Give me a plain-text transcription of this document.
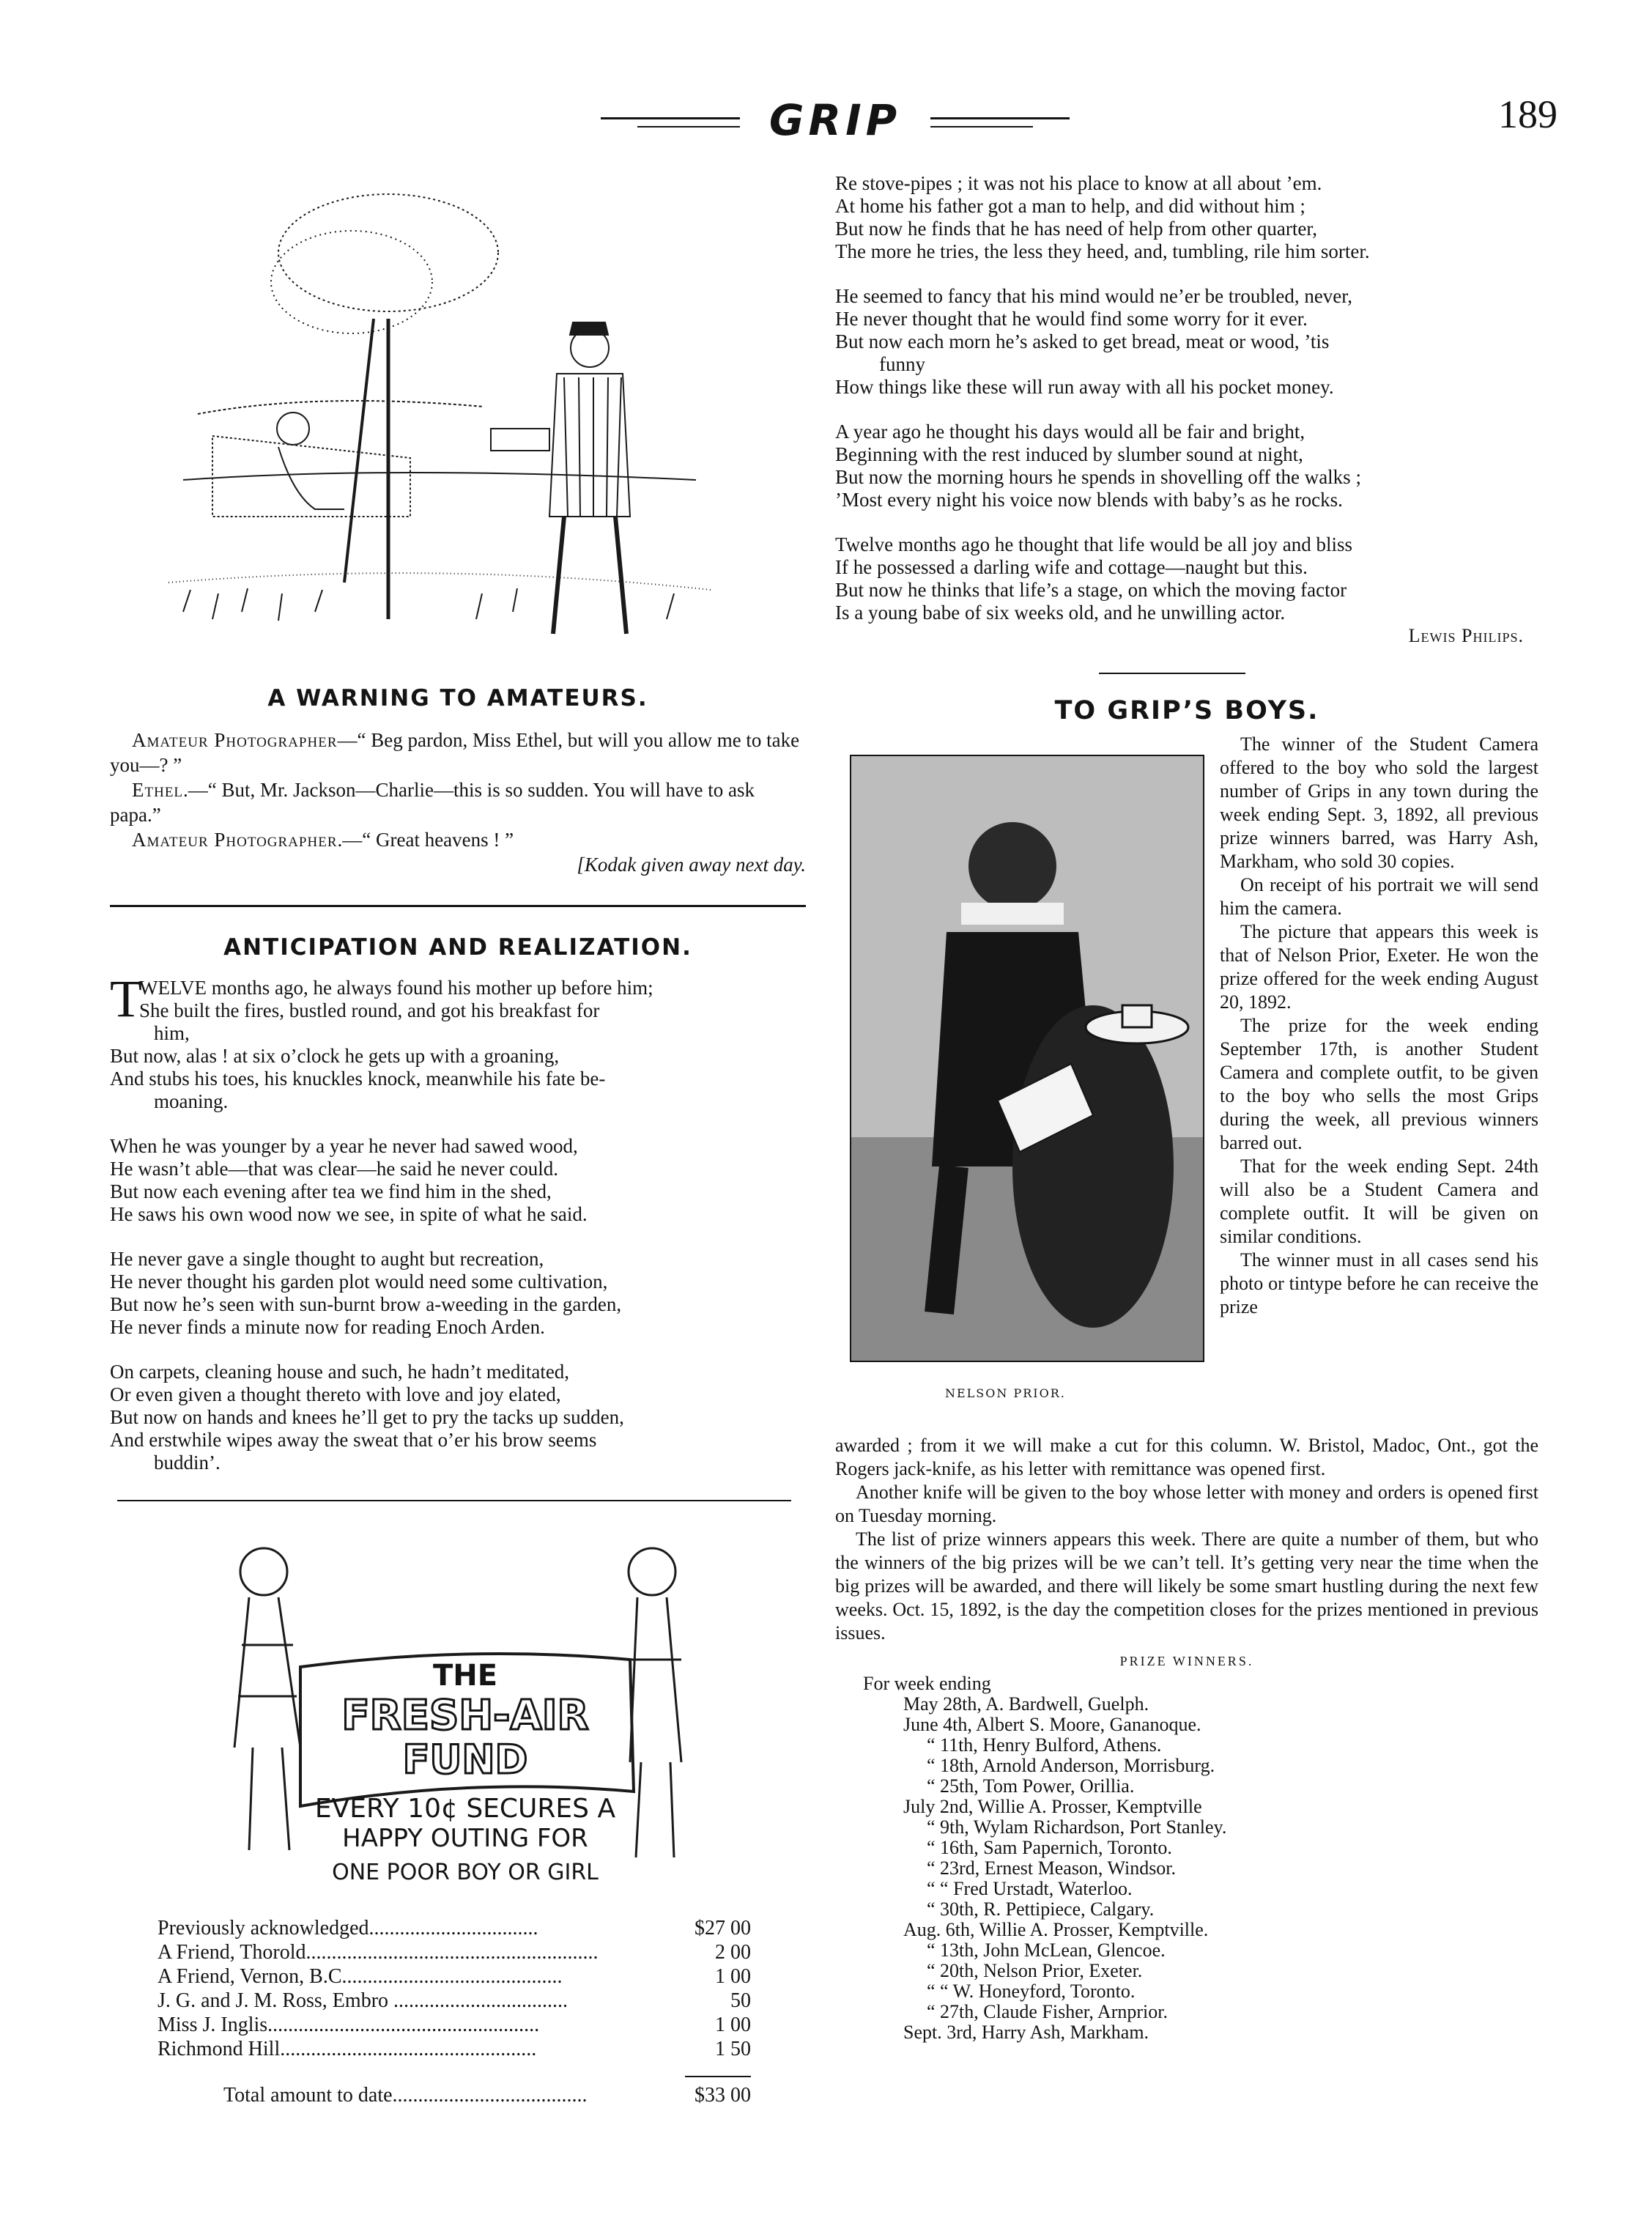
GRIP	189
A WARNING TO AMATEURS.

Amateur Photographer—“ Beg pardon, Miss Ethel, but will you allow me to take you—? ”

Ethel.—“ But, Mr. Jackson—Charlie—this is so sudden. You will have to ask papa.”

Amateur Photographer.—“ Great heavens ! ”

[Kodak given away next day.

ANTICIPATION AND REALIZATION.
T
WELVE months ago, he always found his mother up before him;
She built the fires, bustled round, and got his breakfast for
him,
But now, alas ! at six o’clock he gets up with a groaning,
And stubs his toes, his knuckles knock, meanwhile his fate be-
moaning.
When he was younger by a year he never had sawed wood,
He wasn’t able—that was clear—he said he never could.
But now each evening after tea we find him in the shed,
He saws his own wood now we see, in spite of what he said.
He never gave a single thought to aught but recreation,
He never thought his garden plot would need some cultivation,
But now he’s seen with sun-burnt brow a-weeding in the garden,
He never finds a minute now for reading Enoch Arden.
On carpets, cleaning house and such, he hadn’t meditated,
Or even given a thought thereto with love and joy elated,
But now on hands and knees he’ll get to pry the tacks up sudden,
And erstwhile wipes away the sweat that o’er his brow seems
buddin’.
THE
FRESH-AIR
FUND
EVERY 10¢ SECURES A
HAPPY OUTING FOR
ONE POOR BOY OR GIRL
Previously acknowledged.................................	$27 00
A Friend, Thorold.........................................................	2 00
A Friend, Vernon, B.C...........................................	1 00
J. G. and J. M. Ross, Embro ..................................	50
Miss J. Inglis.....................................................	1 00
Richmond Hill..................................................	1 50
Total amount to date......................................	$33 00
Re stove-pipes ; it was not his place to know at all about ’em.
At home his father got a man to help, and did without him ;
But now he finds that he has need of help from other quarter,
The more he tries, the less they heed, and, tumbling, rile him sorter.
He seemed to fancy that his mind would ne’er be troubled, never,
He never thought that he would find some worry for it ever.
But now each morn he’s asked to get bread, meat or wood, ’tis
funny
How things like these will run away with all his pocket money.
A year ago he thought his days would all be fair and bright,
Beginning with the rest induced by slumber sound at night,
But now the morning hours he spends in shovelling off the walks ;
’Most every night his voice now blends with baby’s as he rocks.
Twelve months ago he thought that life would be all joy and bliss
If he possessed a darling wife and cottage—naught but this.
But now he thinks that life’s a stage, on which the moving factor
Is a young babe of six weeks old, and he unwilling actor.
Lewis Philips.
TO GRIP’S BOYS.
NELSON PRIOR.

The winner of the Student Camera offered to the boy who sold the largest number of Grips in any town during the week ending Sept. 3, 1892, all previous prize winners barred, was Harry Ash, Markham, who sold 30 copies.

On receipt of his portrait we will send him the camera.

The picture that appears this week is that of Nelson Prior, Exeter. He won the prize offered for the week ending August 20, 1892.

The prize for the week ending September 17th, is another Student Camera and complete outfit, to be given to the boy who sells the most Grips during the week, all previous winners barred out.

That for the week ending Sept. 24th will also be a Student Camera and complete outfit. It will be given on similar conditions.

The winner must in all cases send his photo or tintype before he can receive the prize

awarded ; from it we will make a cut for this column. W. Bristol, Madoc, Ont., got the Rogers jack-knife, as his letter with remittance was opened first.

Another knife will be given to the boy whose letter with money and orders is opened first on Tuesday morning.

The list of prize winners appears this week. There are quite a number of them, but who the winners of the big prizes will be we can’t tell. It’s getting very near the time when the big prizes will be awarded, and there will likely be some smart hustling during the next few weeks. Oct. 15, 1892, is the day the competition closes for the prizes mentioned in previous issues.

PRIZE WINNERS.
For week ending
May 28th, A. Bardwell, Guelph.
June 4th, Albert S. Moore, Gananoque.
“ 11th, Henry Bulford, Athens.
“ 18th, Arnold Anderson, Morrisburg.
“ 25th, Tom Power, Orillia.
July 2nd, Willie A. Prosser, Kemptville
“ 9th, Wylam Richardson, Port Stanley.
“ 16th, Sam Papernich, Toronto.
“ 23rd, Ernest Meason, Windsor.
“ “ Fred Urstadt, Waterloo.
“ 30th, R. Pettipiece, Calgary.
Aug. 6th, Willie A. Prosser, Kemptville.
“ 13th, John McLean, Glencoe.
“ 20th, Nelson Prior, Exeter.
“ “ W. Honeyford, Toronto.
“ 27th, Claude Fisher, Arnprior.
Sept. 3rd, Harry Ash, Markham.
